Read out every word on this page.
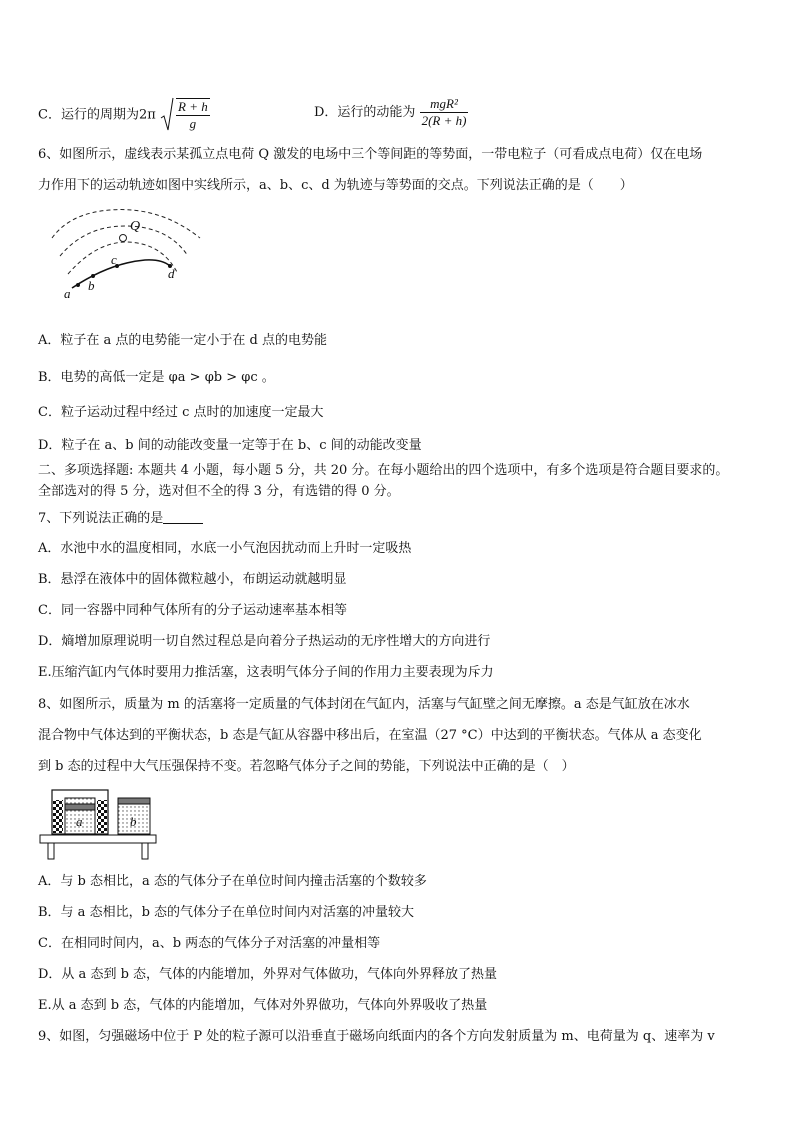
C．运行的周期为$2\pi \frac{R + h}{g}$	D．运行的动能为 $\frac{\text{mgR²}}{2(R + h)}$
6、如图所示，虚线表示某孤立点电荷 Q 激发的电场中三个等间距的等势面，一带电粒子（可看成点电荷）仅在电场
力作用下的运动轨迹如图中实线所示，a、b、c、d 为轨迹与等势面的交点。下列说法正确的是（　　）
Q
a
b
c
d
A．粒子在 a 点的电势能一定小于在 d 点的电势能
B．电势的高低一定是 φa > φb > φc 。
C．粒子运动过程中经过 c 点时的加速度一定最大
D．粒子在 a、b 间的动能改变量一定等于在 b、c 间的动能改变量
二、多项选择题: 本题共 4 小题，每小题 5 分，共 20 分。在每小题给出的四个选项中，有多个选项是符合题目要求的。
全部选对的得 5 分，选对但不全的得 3 分，有选错的得 0 分。
7、下列说法正确的是
A．水池中水的温度相同，水底一小气泡因扰动而上升时一定吸热
B．悬浮在液体中的固体微粒越小，布朗运动就越明显
C．同一容器中同种气体所有的分子运动速率基本相等
D．熵增加原理说明一切自然过程总是向着分子热运动的无序性增大的方向进行
E.压缩汽缸内气体时要用力推活塞，这表明气体分子间的作用力主要表现为斥力
8、如图所示，质量为 m 的活塞将一定质量的气体封闭在气缸内，活塞与气缸壁之间无摩擦。a 态是气缸放在冰水
混合物中气体达到的平衡状态，b 态是气缸从容器中移出后，在室温（27 °C）中达到的平衡状态。气体从 a 态变化
到 b 态的过程中大气压强保持不变。若忽略气体分子之间的势能，下列说法中正确的是（　）
a	b
A．与 b 态相比，a 态的气体分子在单位时间内撞击活塞的个数较多
B．与 a 态相比，b 态的气体分子在单位时间内对活塞的冲量较大
C．在相同时间内，a、b 两态的气体分子对活塞的冲量相等
D．从 a 态到 b 态，气体的内能增加，外界对气体做功，气体向外界释放了热量
E.从 a 态到 b 态，气体的内能增加，气体对外界做功，气体向外界吸收了热量
9、如图，匀强磁场中位于 P 处的粒子源可以沿垂直于磁场向纸面内的各个方向发射质量为 m、电荷量为 q、速率为 v
